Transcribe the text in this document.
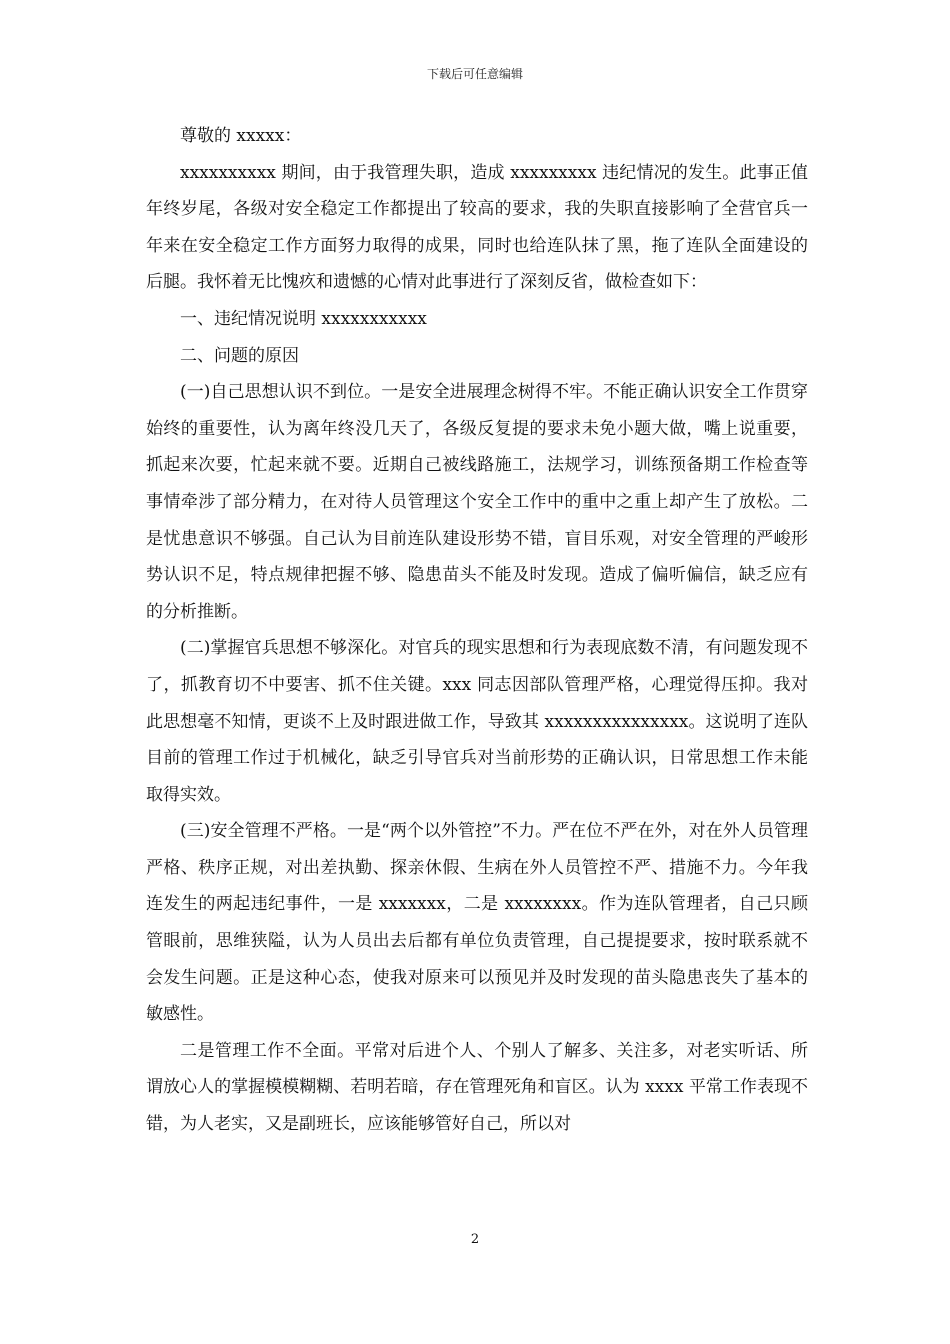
下载后可任意编辑

尊敬的 xxxxx：

xxxxxxxxxx 期间，由于我管理失职，造成 xxxxxxxxx 违纪情况的发生。此事正值年终岁尾，各级对安全稳定工作都提出了较高的要求，我的失职直接影响了全营官兵一年来在安全稳定工作方面努力取得的成果，同时也给连队抹了黑，拖了连队全面建设的后腿。我怀着无比愧疚和遗憾的心情对此事进行了深刻反省，做检查如下：

一、违纪情况说明 xxxxxxxxxxx

二、问题的原因

(一)自己思想认识不到位。一是安全进展理念树得不牢。不能正确认识安全工作贯穿始终的重要性，认为离年终没几天了，各级反复提的要求未免小题大做，嘴上说重要，抓起来次要，忙起来就不要。近期自己被线路施工，法规学习，训练预备期工作检查等事情牵涉了部分精力，在对待人员管理这个安全工作中的重中之重上却产生了放松。二是忧患意识不够强。自己认为目前连队建设形势不错，盲目乐观，对安全管理的严峻形势认识不足，特点规律把握不够、隐患苗头不能及时发现。造成了偏听偏信，缺乏应有的分析推断。

(二)掌握官兵思想不够深化。对官兵的现实思想和行为表现底数不清，有问题发现不了，抓教育切不中要害、抓不住关键。xxx 同志因部队管理严格，心理觉得压抑。我对此思想毫不知情，更谈不上及时跟进做工作，导致其 xxxxxxxxxxxxxxx。这说明了连队目前的管理工作过于机械化，缺乏引导官兵对当前形势的正确认识，日常思想工作未能取得实效。

(三)安全管理不严格。一是“两个以外管控”不力。严在位不严在外，对在外人员管理严格、秩序正规，对出差执勤、探亲休假、生病在外人员管控不严、措施不力。今年我连发生的两起违纪事件，一是 xxxxxxx，二是 xxxxxxxx。作为连队管理者，自己只顾管眼前，思维狭隘，认为人员出去后都有单位负责管理，自己提提要求，按时联系就不会发生问题。正是这种心态，使我对原来可以预见并及时发现的苗头隐患丧失了基本的敏感性。

二是管理工作不全面。平常对后进个人、个别人了解多、关注多，对老实听话、所谓放心人的掌握模模糊糊、若明若暗，存在管理死角和盲区。认为 xxxx 平常工作表现不错，为人老实，又是副班长，应该能够管好自己，所以对

2
